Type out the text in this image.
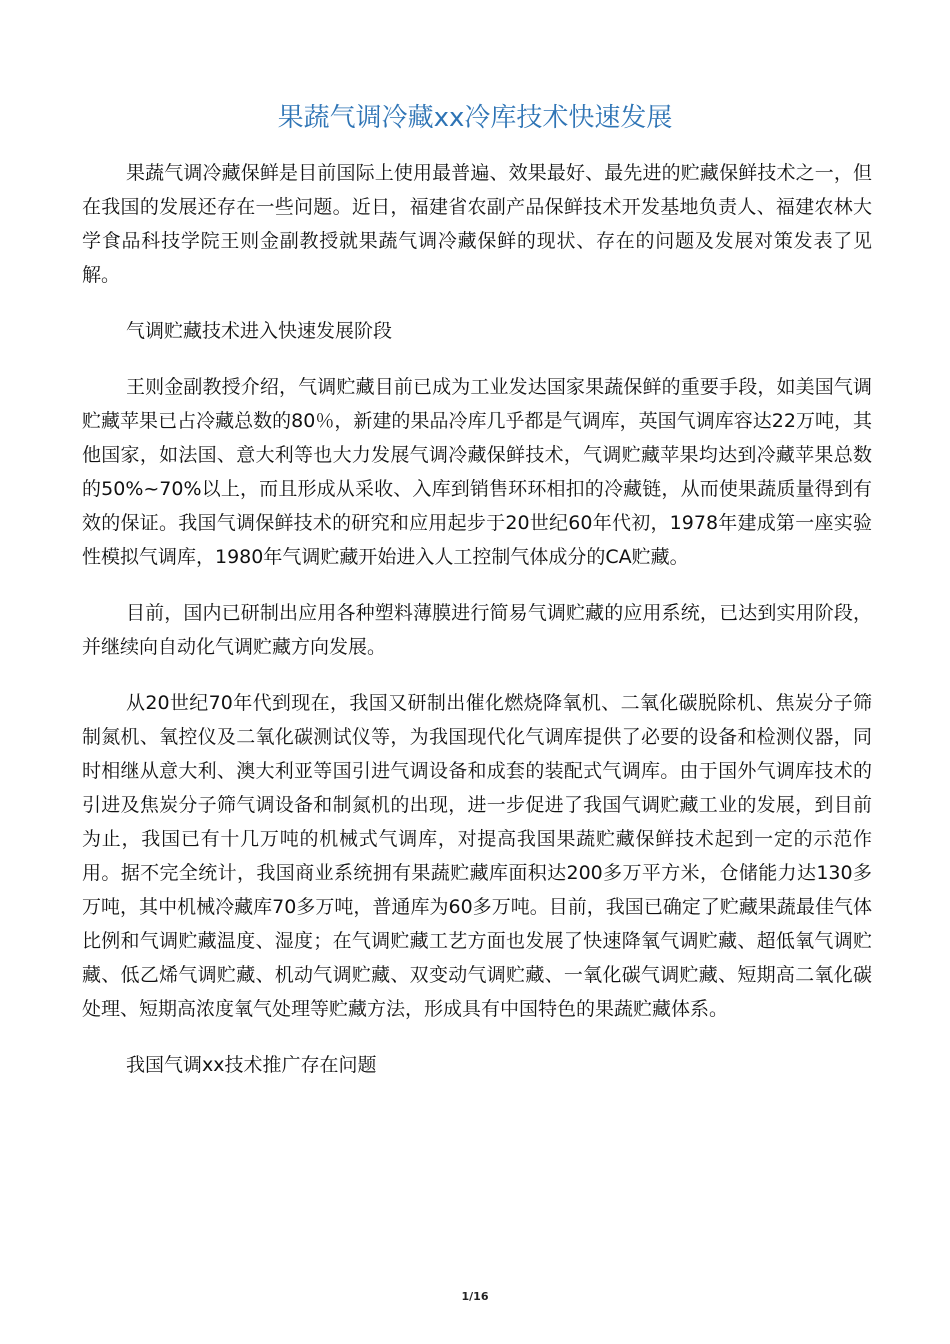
果蔬气调冷藏xx冷库技术快速发展

果蔬气调冷藏保鲜是目前国际上使用最普遍、效果最好、最先进的贮藏保鲜技术之一，但在我国的发展还存在一些问题。近日，福建省农副产品保鲜技术开发基地负责人、福建农林大学食品科技学院王则金副教授就果蔬气调冷藏保鲜的现状、存在的问题及发展对策发表了见解。

气调贮藏技术进入快速发展阶段

王则金副教授介绍，气调贮藏目前已成为工业发达国家果蔬保鲜的重要手段，如美国气调贮藏苹果已占冷藏总数的80％，新建的果品冷库几乎都是气调库，英国气调库容达22万吨，其他国家，如法国、意大利等也大力发展气调冷藏保鲜技术，气调贮藏苹果均达到冷藏苹果总数的50%~70%以上，而且形成从采收、入库到销售环环相扣的冷藏链，从而使果蔬质量得到有效的保证。我国气调保鲜技术的研究和应用起步于20世纪60年代初，1978年建成第一座实验性模拟气调库，1980年气调贮藏开始进入人工控制气体成分的CA贮藏。

目前，国内已研制出应用各种塑料薄膜进行简易气调贮藏的应用系统，已达到实用阶段，并继续向自动化气调贮藏方向发展。

从20世纪70年代到现在，我国又研制出催化燃烧降氧机、二氧化碳脱除机、焦炭分子筛制氮机、氧控仪及二氧化碳测试仪等，为我国现代化气调库提供了必要的设备和检测仪器，同时相继从意大利、澳大利亚等国引进气调设备和成套的装配式气调库。由于国外气调库技术的引进及焦炭分子筛气调设备和制氮机的出现，进一步促进了我国气调贮藏工业的发展，到目前为止，我国已有十几万吨的机械式气调库，对提高我国果蔬贮藏保鲜技术起到一定的示范作用。据不完全统计，我国商业系统拥有果蔬贮藏库面积达200多万平方米，仓储能力达130多万吨，其中机械冷藏库70多万吨，普通库为60多万吨。目前，我国已确定了贮藏果蔬最佳气体比例和气调贮藏温度、湿度；在气调贮藏工艺方面也发展了快速降氧气调贮藏、超低氧气调贮藏、低乙烯气调贮藏、机动气调贮藏、双变动气调贮藏、一氧化碳气调贮藏、短期高二氧化碳处理、短期高浓度氧气处理等贮藏方法，形成具有中国特色的果蔬贮藏体系。

我国气调xx技术推广存在问题

1/16
